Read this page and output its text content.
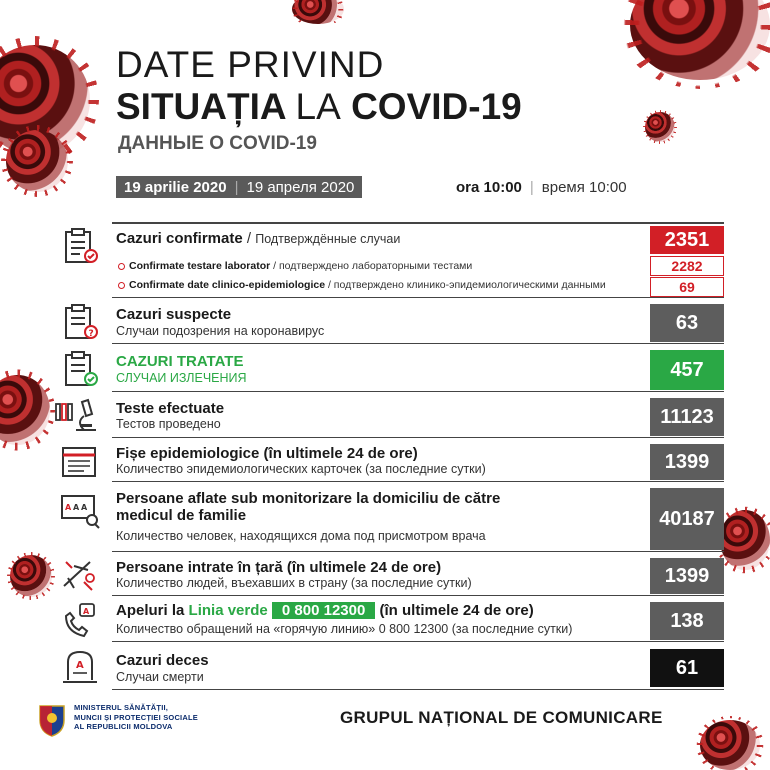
DATE PRIVIND
SITUAȚIA LA COVID-19
ДАННЫЕ О COVID-19
19 aprilie 2020 | 19 апреля 2020	ora 10:00 | время 10:00
Cazuri confirmate / Подтверждённые случаи	2351
Confirmate testare laborator / подтверждено лабораторными тестами	2282
Confirmate date clinico-epidemiologice / подтверждено клинико-эпидемиологическими данными	69
?
Cazuri suspecte
Случаи подозрения на коронавирус	63
CAZURI TRATATE
СЛУЧАИ ИЗЛЕЧЕНИЯ	457
Teste efectuate
Тестов проведено	11123
Fișe epidemiologice (în ultimele 24 de ore)
Количество эпидемиологических карточек (за последние сутки)	1399
A A A
Persoane aflate sub monitorizare la domiciliu de către
medicul de familie
Количество человек, находящихся дома под присмотром врача
40187
Persoane intrate în țară (în ultimele 24 de ore)
Количество людей, въехавших в страну (за последние сутки)	1399
A Apeluri la Linia verde 0 800 12300 (în ultimele 24 de ore)
Количество обращений на «горячую линию» 0 800 12300 (за последние сутки)	138
A Cazuri deces
Случаи смерти	61
MINISTERUL SĂNĂTĂȚII,
MUNCII ȘI PROTECȚIEI SOCIALE
AL REPUBLICII MOLDOVA	GRUPUL NAȚIONAL DE COMUNICARE
